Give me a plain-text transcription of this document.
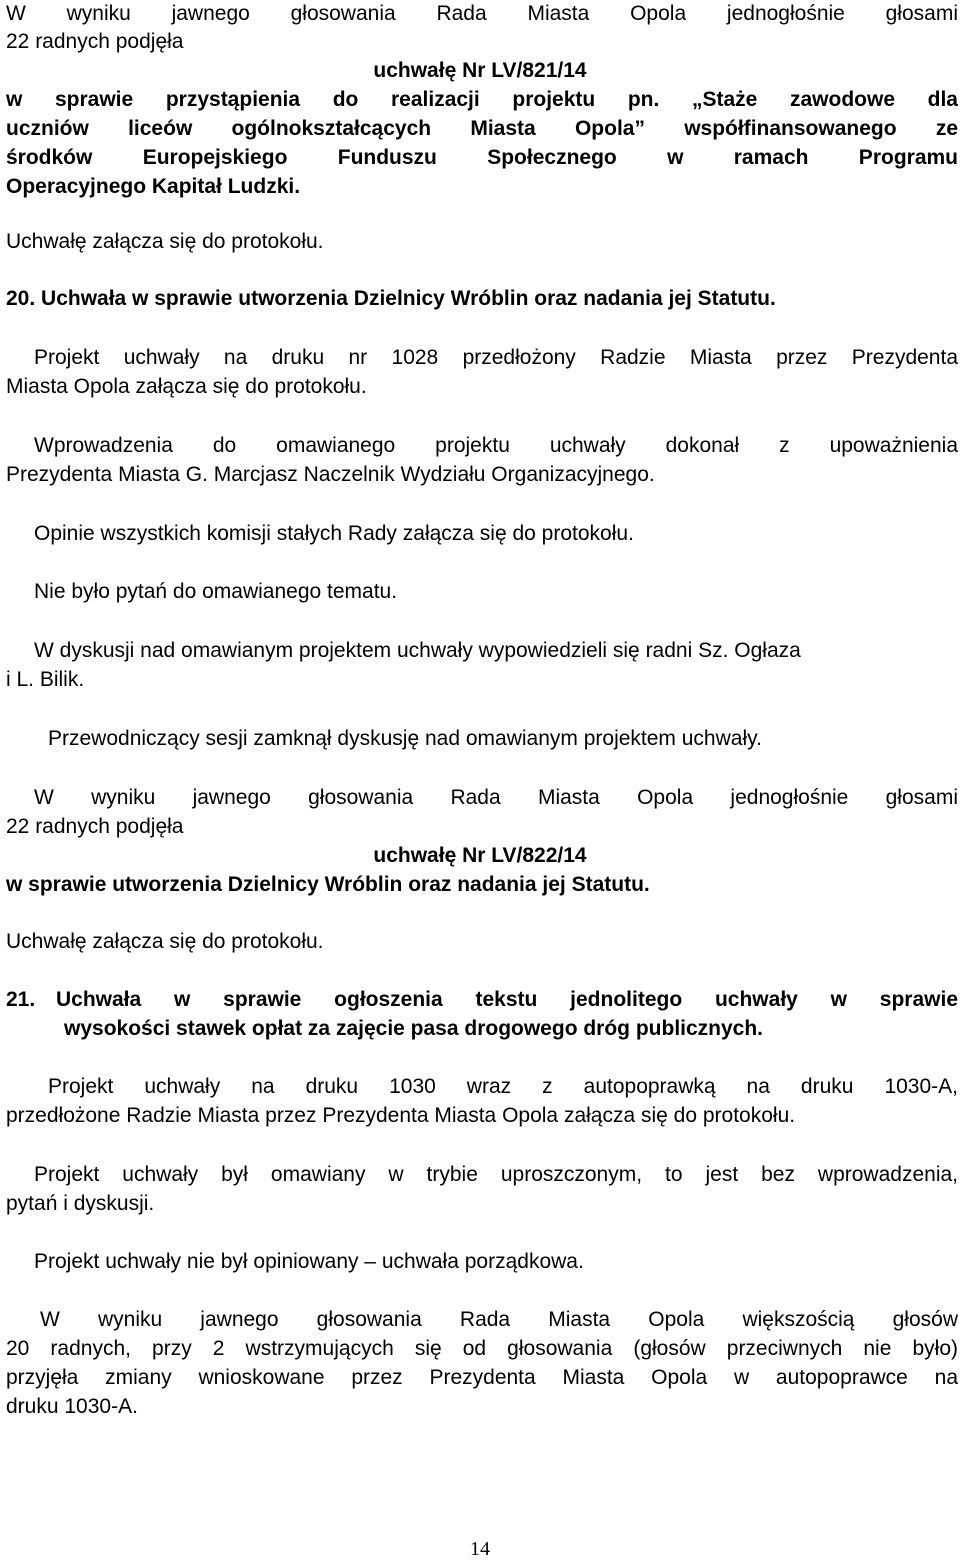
W wyniku jawnego głosowania Rada Miasta Opola jednogłośnie głosami

22 radnych podjęła

uchwałę Nr LV/821/14

w sprawie przystąpienia do realizacji projektu pn. „Staże zawodowe dla

uczniów liceów ogólnokształcących Miasta Opola” współfinansowanego ze

środków Europejskiego Funduszu Społecznego w ramach Programu

Operacyjnego Kapitał Ludzki.

Uchwałę załącza się do protokołu.

20. Uchwała w sprawie utworzenia Dzielnicy Wróblin oraz nadania jej Statutu.

Projekt uchwały na druku nr 1028 przedłożony Radzie Miasta przez Prezydenta

Miasta Opola załącza się do protokołu.

Wprowadzenia do omawianego projektu uchwały dokonał z upoważnienia

Prezydenta Miasta G. Marcjasz Naczelnik Wydziału Organizacyjnego.

Opinie wszystkich komisji stałych Rady załącza się do protokołu.

Nie było pytań do omawianego tematu.

W dyskusji nad omawianym projektem uchwały wypowiedzieli się radni Sz. Ogłaza

i L. Bilik.

Przewodniczący sesji zamknął dyskusję nad omawianym projektem uchwały.

W wyniku jawnego głosowania Rada Miasta Opola jednogłośnie głosami

22 radnych podjęła

uchwałę Nr LV/822/14

w sprawie utworzenia Dzielnicy Wróblin oraz nadania jej Statutu.

Uchwałę załącza się do protokołu.

21. Uchwała w sprawie ogłoszenia tekstu jednolitego uchwały w sprawie

wysokości stawek opłat za zajęcie pasa drogowego dróg publicznych.

Projekt uchwały na druku 1030 wraz z autopoprawką na druku 1030-A,

przedłożone Radzie Miasta przez Prezydenta Miasta Opola załącza się do protokołu.

Projekt uchwały był omawiany w trybie uproszczonym, to jest bez wprowadzenia,

pytań i dyskusji.

Projekt uchwały nie był opiniowany – uchwała porządkowa.

W wyniku jawnego głosowania Rada Miasta Opola większością głosów

20 radnych, przy 2 wstrzymujących się od głosowania (głosów przeciwnych nie było)

przyjęła zmiany wnioskowane przez Prezydenta Miasta Opola w autopoprawce na

druku 1030-A.

14
